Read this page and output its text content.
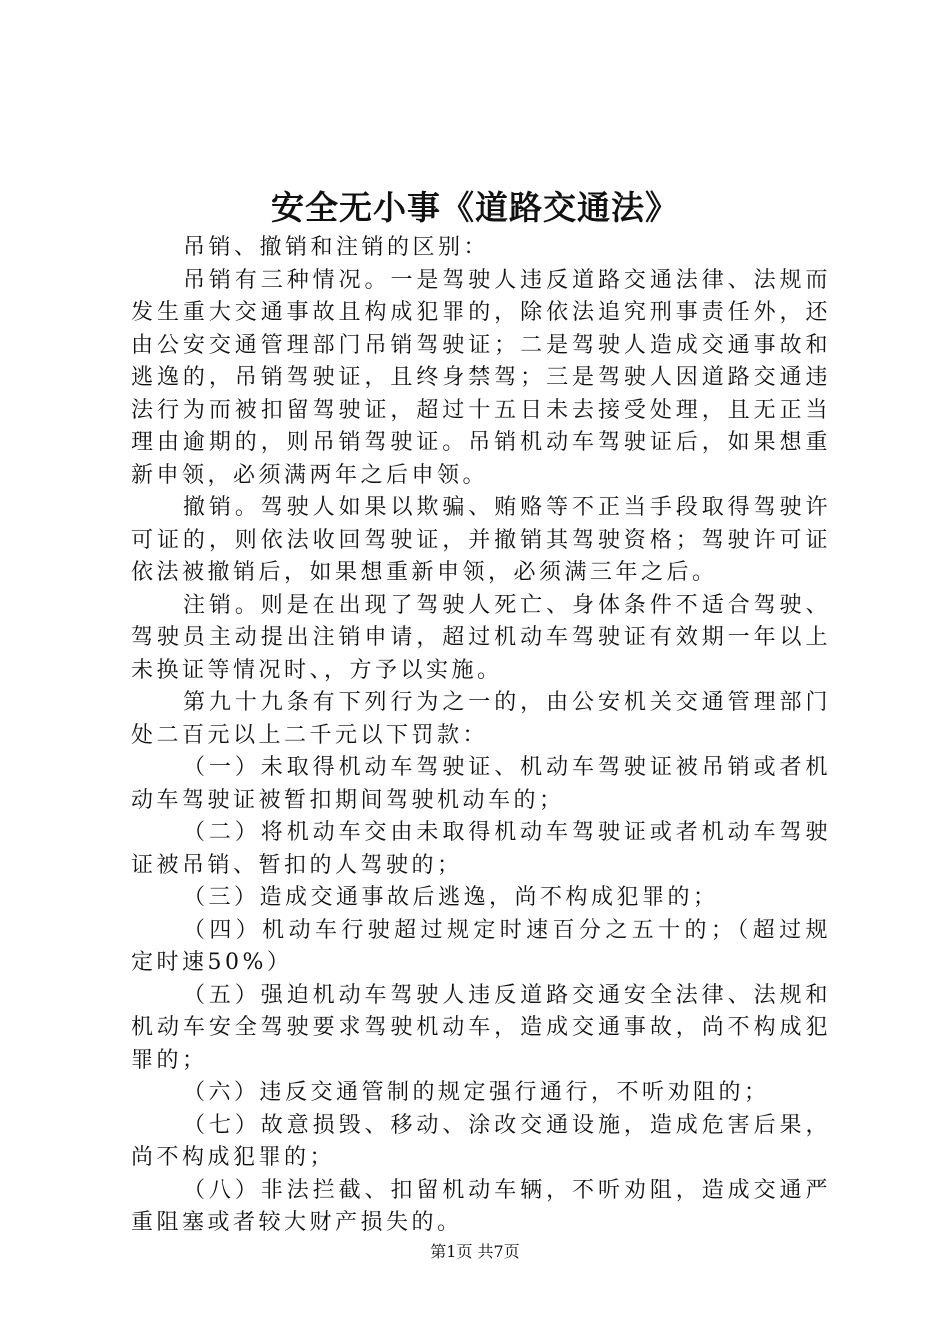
安全无小事《道路交通法》

吊销、撤销和注销的区别：

吊销有三种情况。一是驾驶人违反道路交通法律、法规而发生重大交通事故且构成犯罪的，除依法追究刑事责任外，还由公安交通管理部门吊销驾驶证；二是驾驶人造成交通事故和逃逸的，吊销驾驶证，且终身禁驾；三是驾驶人因道路交通违法行为而被扣留驾驶证，超过十五日未去接受处理，且无正当理由逾期的，则吊销驾驶证。吊销机动车驾驶证后，如果想重新申领，必须满两年之后申领。

撤销。驾驶人如果以欺骗、贿赂等不正当手段取得驾驶许可证的，则依法收回驾驶证，并撤销其驾驶资格；驾驶许可证依法被撤销后，如果想重新申领，必须满三年之后。

注销。则是在出现了驾驶人死亡、身体条件不适合驾驶、驾驶员主动提出注销申请，超过机动车驾驶证有效期一年以上未换证等情况时、，方予以实施。

第九十九条有下列行为之一的，由公安机关交通管理部门处二百元以上二千元以下罚款：

（一）未取得机动车驾驶证、机动车驾驶证被吊销或者机动车驾驶证被暂扣期间驾驶机动车的；

（二）将机动车交由未取得机动车驾驶证或者机动车驾驶证被吊销、暂扣的人驾驶的；

（三）造成交通事故后逃逸，尚不构成犯罪的；

（四）机动车行驶超过规定时速百分之五十的；（超过规定时速50%）

（五）强迫机动车驾驶人违反道路交通安全法律、法规和机动车安全驾驶要求驾驶机动车，造成交通事故，尚不构成犯罪的；

（六）违反交通管制的规定强行通行，不听劝阻的；

（七）故意损毁、移动、涂改交通设施，造成危害后果，尚不构成犯罪的；

（八）非法拦截、扣留机动车辆，不听劝阻，造成交通严重阻塞或者较大财产损失的。

第1页 共7页
